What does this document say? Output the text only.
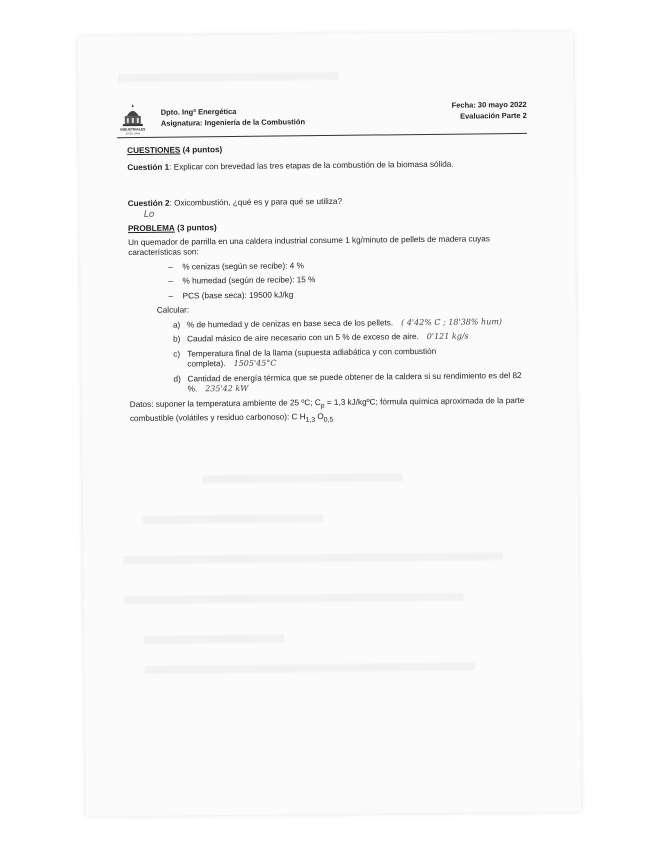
INDUSTRIALES
ETSII UPM
Dpto. Ingª Energética
Asignatura: Ingeniería de la Combustión
Fecha: 30 mayo 2022
Evaluación Parte 2
CUESTIONES (4 puntos)
Cuestión 1: Explicar con brevedad las tres etapas de la combustión de la biomasa sólida.
Cuestión 2: Oxicombustión, ¿qué es y para qué se utiliza?
Lo
PROBLEMA (3 puntos)
Un quemador de parrilla en una caldera industrial consume 1 kg/minuto de pellets de madera cuyas características son:
– % cenizas (según se recibe): 4 %
– % humedad (según de recibe): 15 %
– PCS (base seca): 19500 kJ/kg
Calcular:
a) % de humedad y de cenizas en base seca de los pellets. ( 4'42% C ; 18'38% hum)
b) Caudal másico de aire necesario con un 5 % de exceso de aire. 0'121 kg/s
c) Temperatura final de la llama (supuesta adiabática y con combustión completa). 1505'45°C
d) Cantidad de energía térmica que se puede obtener de la caldera si su rendimiento es del 82 %. 235'42 kW
Datos: suponer la temperatura ambiente de 25 ºC; $C_p = 1,3$ kJ/kgºC; fórmula química aproximada de la parte combustible (volátiles y residuo carbonoso): C $H_{1,3}$ $O_{0,5}$
